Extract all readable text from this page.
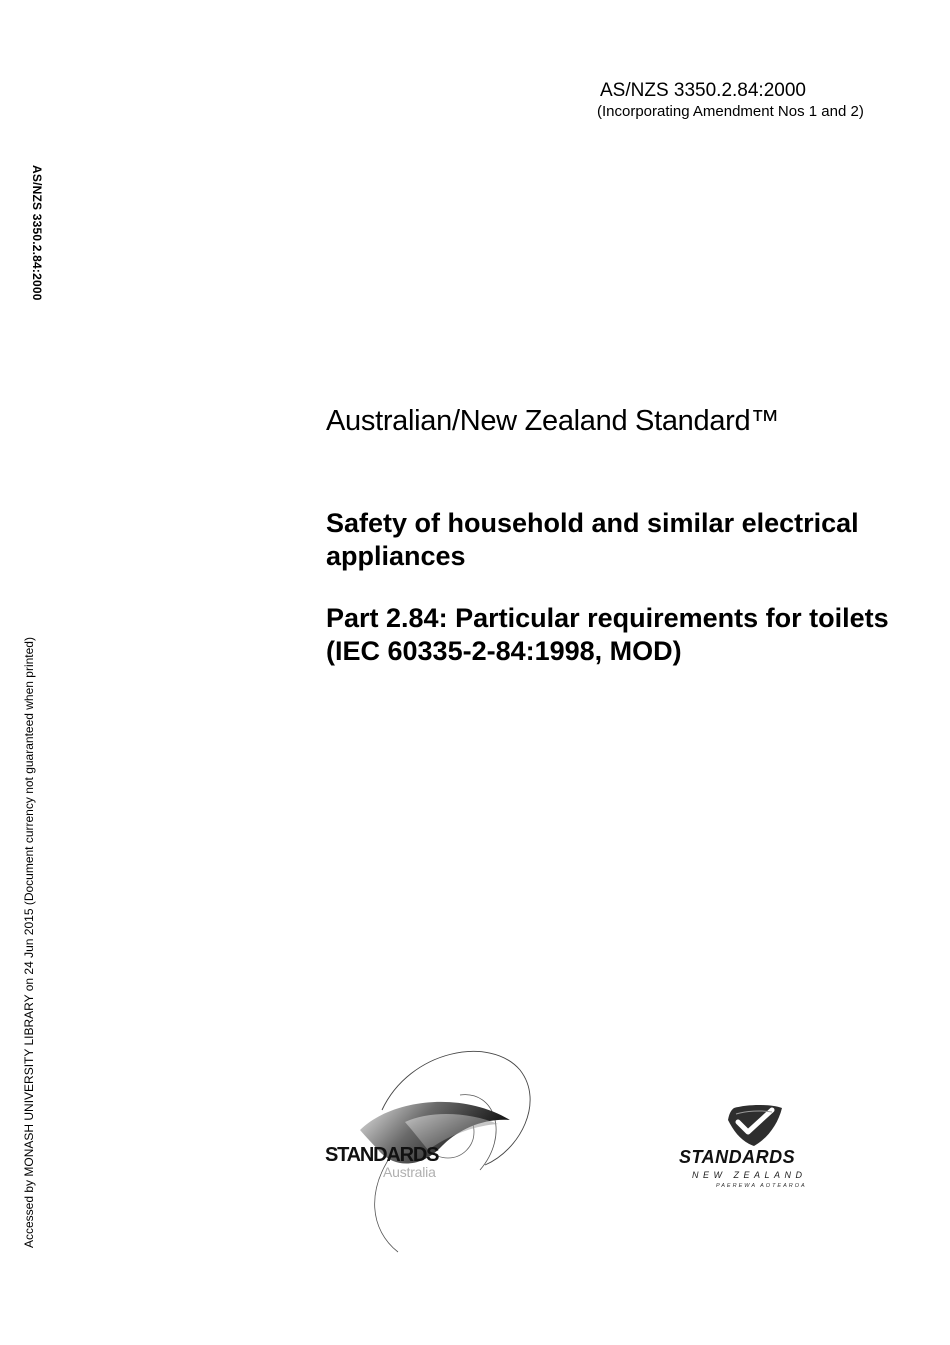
AS/NZS 3350.2.84:2000
(Incorporating Amendment Nos 1 and 2)
AS/NZS 3350.2.84:2000
Accessed by MONASH UNIVERSITY LIBRARY on 24 Jun 2015 (Document currency not guaranteed when printed)
Australian/New Zealand Standard™
Safety of household and similar electrical appliances
Part 2.84: Particular requirements for toilets
(IEC 60335-2-84:1998, MOD)
STANDARDS
Australia
STANDARDS
NEW ZEALAND
PAEREWA AOTEAROA
